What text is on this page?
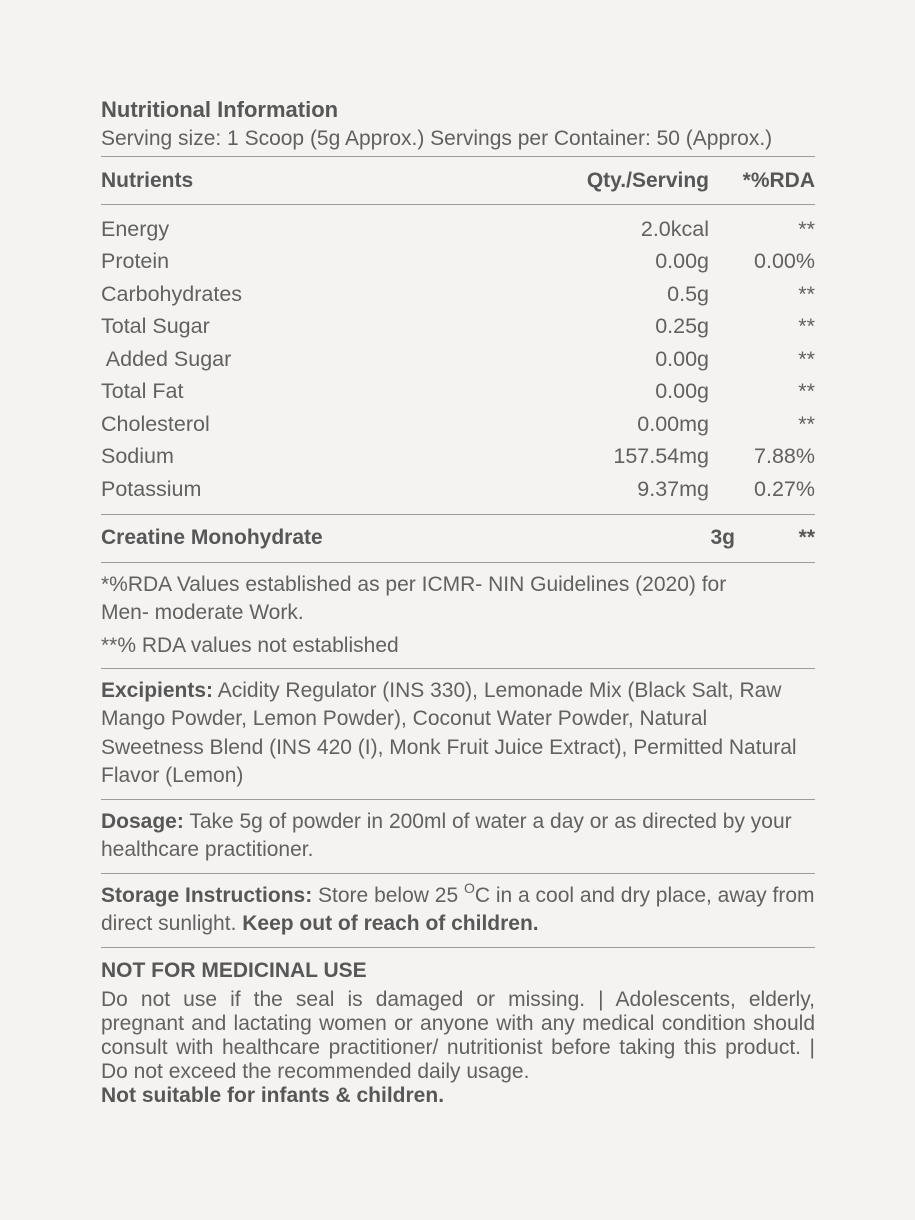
Nutritional Information
Serving size: 1 Scoop (5g Approx.) Servings per Container: 50 (Approx.)
Nutrients	Qty./Serving	*%RDA
Energy	2.0kcal	**
Protein	0.00g	0.00%
Carbohydrates	0.5g	**
Total Sugar	0.25g	**
Added Sugar	0.00g	**
Total Fat	0.00g	**
Cholesterol	0.00mg	**
Sodium	157.54mg	7.88%
Potassium	9.37mg	0.27%
Creatine Monohydrate	3g	**
*%RDA Values established as per ICMR- NIN Guidelines (2020) for
Men- moderate Work.
**% RDA values not established
Excipients: Acidity Regulator (INS 330), Lemonade Mix (Black Salt, Raw Mango Powder, Lemon Powder), Coconut Water Powder, Natural Sweetness Blend (INS 420 (I), Monk Fruit Juice Extract), Permitted Natural Flavor (Lemon)
Dosage: Take 5g of powder in 200ml of water a day or as directed by your healthcare practitioner.
Storage Instructions: Store below 25 $^O$C in a cool and dry place, away from direct sunlight. Keep out of reach of children.
NOT FOR MEDICINAL USE
Do not use if the seal is damaged or missing. | Adolescents, elderly, pregnant and lactating women or anyone with any medical condition should consult with healthcare practitioner/ nutritionist before taking this product. | Do not exceed the recommended daily usage.
Not suitable for infants & children.
